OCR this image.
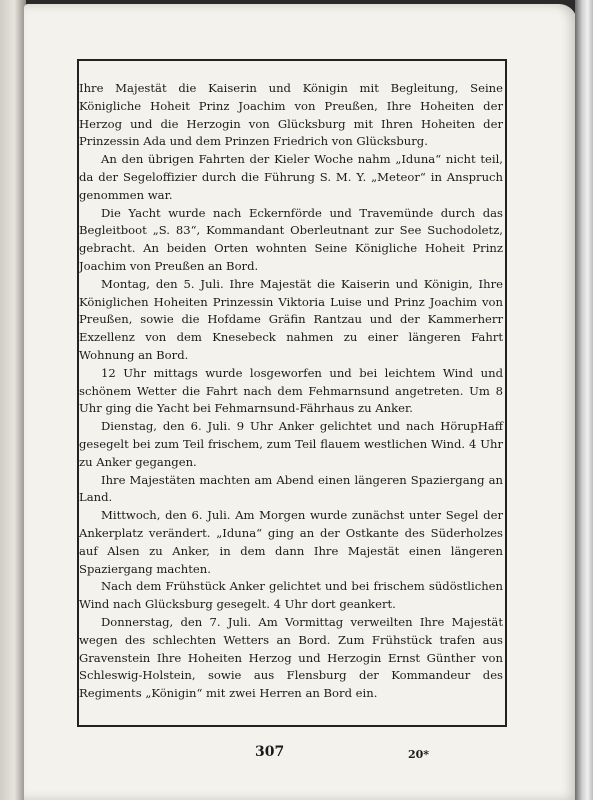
Ihre Majestät die Kaiserin und Königin mit Begleitung, Seine Königliche Hoheit Prinz Joachim von Preußen, Ihre Hoheiten der Herzog und die Herzogin von Glücksburg mit Ihren Hoheiten der Prinzessin Ada und dem Prinzen Friedrich von Glücksburg.

An den übrigen Fahrten der Kieler Woche nahm „Iduna“ nicht teil, da der Segeloffizier durch die Führung S. M. Y. „Meteor“ in Anspruch genommen war.

Die Yacht wurde nach Eckernförde und Travemünde durch das Begleitboot „S. 83“, Kommandant Oberleutnant zur See Suchodoletz, gebracht. An beiden Orten wohnten Seine Königliche Hoheit Prinz Joachim von Preußen an Bord.

Montag, den 5. Juli. Ihre Majestät die Kaiserin und Königin, Ihre Königlichen Hoheiten Prinzessin Viktoria Luise und Prinz Joachim von Preußen, sowie die Hofdame Gräfin Rantzau und der Kammerherr Exzellenz von dem Knesebeck nahmen zu einer längeren Fahrt Wohnung an Bord.

12 Uhr mittags wurde losgeworfen und bei leichtem Wind und schönem Wetter die Fahrt nach dem Fehmarnsund angetreten. Um 8 Uhr ging die Yacht bei Fehmarnsund-Fährhaus zu Anker.

Dienstag, den 6. Juli. 9 Uhr Anker gelichtet und nach HörupHaff gesegelt bei zum Teil frischem, zum Teil flauem westlichen Wind. 4 Uhr zu Anker gegangen.

Ihre Majestäten machten am Abend einen längeren Spaziergang an Land.

Mittwoch, den 6. Juli. Am Morgen wurde zunächst unter Segel der Ankerplatz verändert. „Iduna“ ging an der Ostkante des Süderholzes auf Alsen zu Anker, in dem dann Ihre Majestät einen längeren Spaziergang machten.

Nach dem Frühstück Anker gelichtet und bei frischem südöstlichen Wind nach Glücksburg gesegelt. 4 Uhr dort geankert.

Donnerstag, den 7. Juli. Am Vormittag verweilten Ihre Majestät wegen des schlechten Wetters an Bord. Zum Frühstück trafen aus Gravenstein Ihre Hoheiten Herzog und Herzogin Ernst Günther von Schleswig-Holstein, sowie aus Flensburg der Kommandeur des Regiments „Königin“ mit zwei Herren an Bord ein.

307	20*
